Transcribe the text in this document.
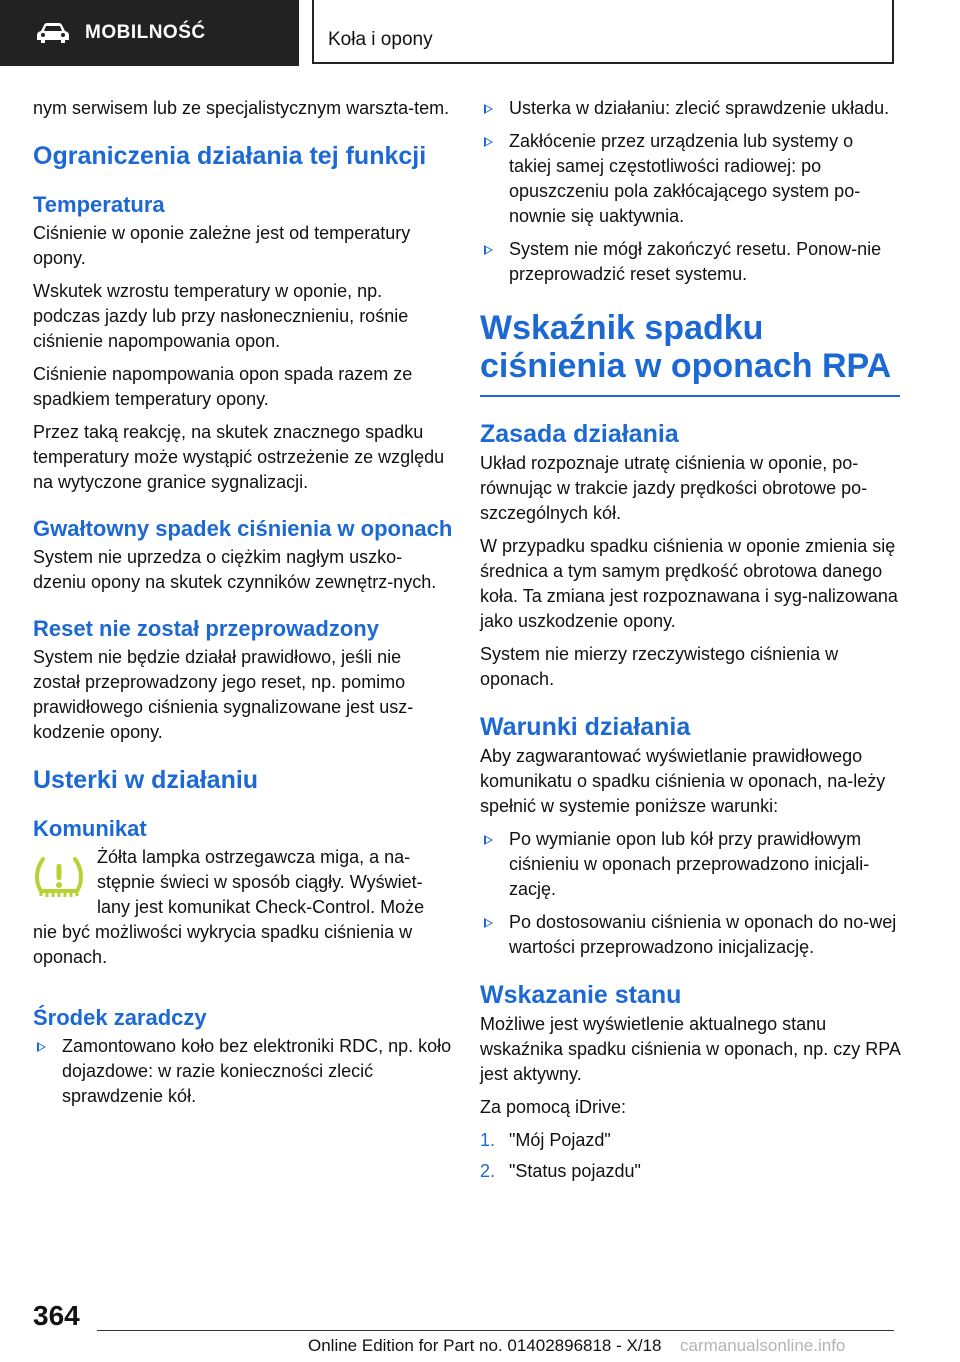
MOBILNOŚĆ	Koła i opony

nym serwisem lub ze specjalistycznym warszta-tem.

Ograniczenia działania tej funkcji
Temperatura

Ciśnienie w oponie zależne jest od temperatury opony.

Wskutek wzrostu temperatury w oponie, np. podczas jazdy lub przy nasłonecznieniu, rośnie ciśnienie napompowania opon.

Ciśnienie napompowania opon spada razem ze spadkiem temperatury opony.

Przez taką reakcję, na skutek znacznego spadku temperatury może wystąpić ostrzeżenie ze względu na wytyczone granice sygnalizacji.

Gwałtowny spadek ciśnienia w oponach

System nie uprzedza o ciężkim nagłym uszko-dzeniu opony na skutek czynników zewnętrz-nych.

Reset nie został przeprowadzony

System nie będzie działał prawidłowo, jeśli nie został przeprowadzony jego reset, np. pomimo prawidłowego ciśnienia sygnalizowane jest usz-kodzenie opony.

Usterki w działaniu
Komunikat

Żółta lampka ostrzegawcza miga, a na-stępnie świeci w sposób ciągły. Wyświet-lany jest komunikat Check-Control. Może nie być możliwości wykrycia spadku ciśnienia w oponach.

Środek zaradczy
Zamontowano koło bez elektroniki RDC, np. koło dojazdowe: w razie konieczności zlecić sprawdzenie kół.
Usterka w działaniu: zlecić sprawdzenie układu.
Zakłócenie przez urządzenia lub systemy o takiej samej częstotliwości radiowej: po opuszczeniu pola zakłócającego system po-nownie się uaktywnia.
System nie mógł zakończyć resetu. Ponow-nie przeprowadzić reset systemu.
Wskaźnik spadku ciśnienia w oponach RPA
Zasada działania

Układ rozpoznaje utratę ciśnienia w oponie, po-równując w trakcie jazdy prędkości obrotowe po-szczególnych kół.

W przypadku spadku ciśnienia w oponie zmienia się średnica a tym samym prędkość obrotowa danego koła. Ta zmiana jest rozpoznawana i syg-nalizowana jako uszkodzenie opony.

System nie mierzy rzeczywistego ciśnienia w oponach.

Warunki działania

Aby zagwarantować wyświetlanie prawidłowego komunikatu o spadku ciśnienia w oponach, na-leży spełnić w systemie poniższe warunki:

Po wymianie opon lub kół przy prawidłowym ciśnieniu w oponach przeprowadzono inicjali-zację.
Po dostosowaniu ciśnienia w oponach do no-wej wartości przeprowadzono inicjalizację.
Wskazanie stanu

Możliwe jest wyświetlenie aktualnego stanu wskaźnika spadku ciśnienia w oponach, np. czy RPA jest aktywny.

Za pomocą iDrive:

1. "Mój Pojazd"
2. "Status pojazdu"
364
Online Edition for Part no. 01402896818 - X/18 carmanualsonline.info
